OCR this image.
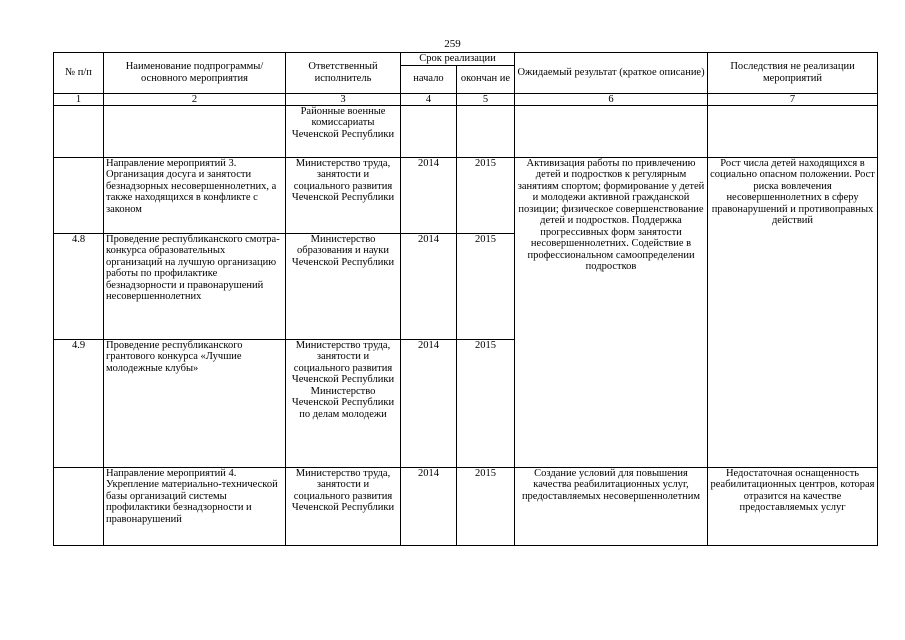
259
№ п/п	Наименование подпрограммы/ основного мероприятия	Ответственный исполнитель	Срок реализации		Ожидаемый результат (краткое описание)	Последствия не реализации мероприятий
			начало	окончан ие		
1	2	3	4	5	6	7
		Районные военные комиссариаты Чеченской Республики				
	Направление мероприятий 3. Организация досуга и занятости безнадзорных несовершеннолетних, а также находящихся в конфликте с законом	Министерство труда, занятости и социального развития Чеченской Республики	2014	2015	Активизация работы по привлечению детей и подростков к регулярным занятиям спортом; формирование у детей и молодежи активной гражданской позиции; физическое совершенствование детей и подростков. Поддержка прогрессивных форм занятости несовершеннолетних. Содействие в профессиональном самоопределении подростков	Рост числа детей находящихся в социально опасном положении. Рост риска вовлечения несовершеннолетних в сферу правонарушений и противоправных действий
4.8	Проведение республиканского смотра-конкурса образовательных организаций на лучшую организацию работы по профилактике безнадзорности и правонарушений несовершеннолетних	Министерство образования и науки Чеченской Республики	2014	2015		
4.9	Проведение республиканского грантового конкурса «Лучшие молодежные клубы»	Министерство труда, занятости и социального развития Чеченской Республики Министерство Чеченской Республики по делам молодежи	2014	2015		
	Направление мероприятий 4. Укрепление материально-технической базы организаций системы профилактики безнадзорности и правонарушений	Министерство труда, занятости и социального развития Чеченской Республики	2014	2015	Создание условий для повышения качества реабилитационных услуг, предоставляемых несовершеннолетним	Недостаточная оснащенность реабилитационных центров, которая отразится на качестве предоставляемых услуг
